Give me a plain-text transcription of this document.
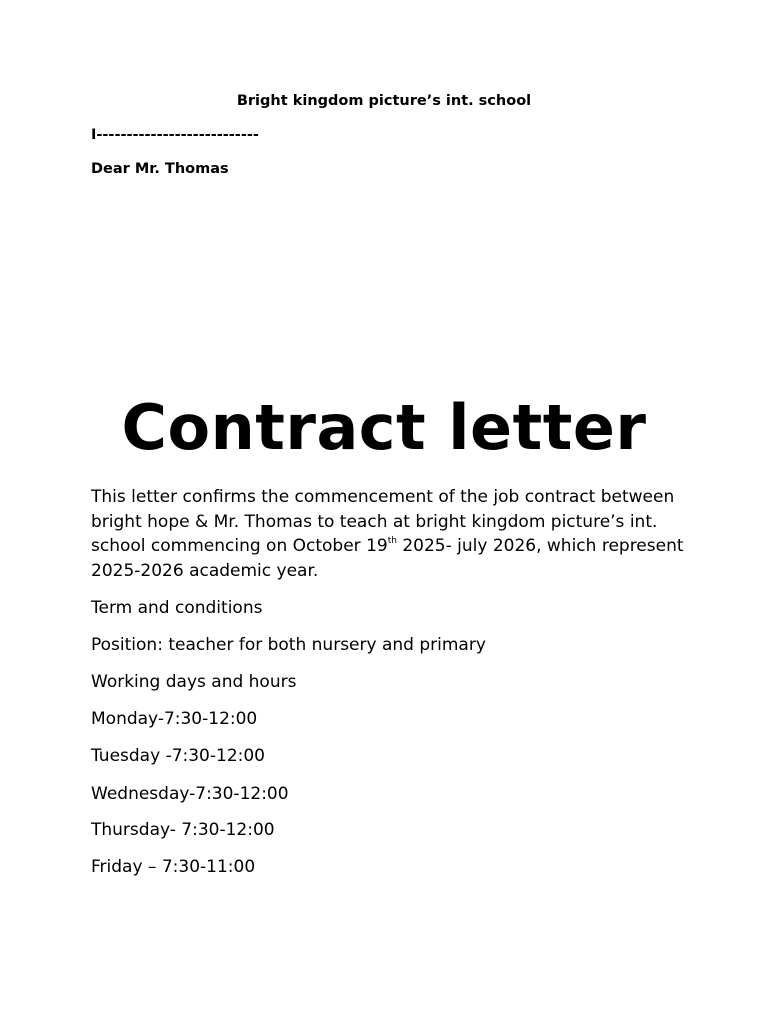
Bright kingdom picture’s int. school
I---------------------------
Dear Mr. Thomas
Contract letter
This letter confirms the commencement of the job contract between bright hope & Mr. Thomas to teach at bright kingdom picture’s int. school commencing on October 19th 2025- july 2026, which represent 2025-2026 academic year.
Term and conditions
Position: teacher for both nursery and primary
Working days and hours
Monday-7:30-12:00
Tuesday -7:30-12:00
Wednesday-7:30-12:00
Thursday- 7:30-12:00
Friday – 7:30-11:00
